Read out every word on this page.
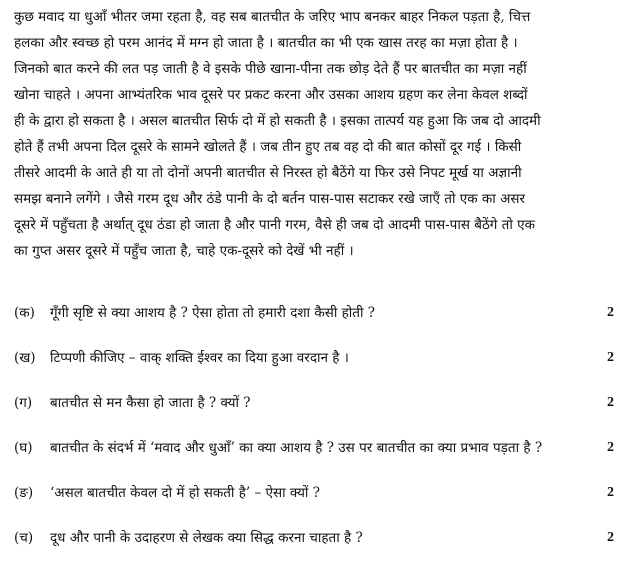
कुछ मवाद या धुआँ भीतर जमा रहता है, वह सब बातचीत के जरिए भाप बनकर बाहर निकल पड़ता है, चित्त
हलका और स्वच्छ हो परम आनंद में मग्न हो जाता है । बातचीत का भी एक खास तरह का मज़ा होता है ।
जिनको बात करने की लत पड़ जाती है वे इसके पीछे खाना-पीना तक छोड़ देते हैं पर बातचीत का मज़ा नहीं
खोना चाहते । अपना आभ्यंतरिक भाव दूसरे पर प्रकट करना और उसका आशय ग्रहण कर लेना केवल शब्दों
ही के द्वारा हो सकता है । असल बातचीत सिर्फ दो में हो सकती है । इसका तात्पर्य यह हुआ कि जब दो आदमी
होते हैं तभी अपना दिल दूसरे के सामने खोलते हैं । जब तीन हुए तब वह दो की बात कोसों दूर गई । किसी
तीसरे आदमी के आते ही या तो दोनों अपनी बातचीत से निरस्त हो बैठेंगे या फिर उसे निपट मूर्ख या अज्ञानी
समझ बनाने लगेंगे । जैसे गरम दूध और ठंडे पानी के दो बर्तन पास-पास सटाकर रखे जाएँ तो एक का असर
दूसरे में पहुँचता है अर्थात् दूध ठंडा हो जाता है और पानी गरम, वैसे ही जब दो आदमी पास-पास बैठेंगे तो एक
का गुप्त असर दूसरे में पहुँच जाता है, चाहे एक-दूसरे को देखें भी नहीं ।
(क)	गूँगी सृष्टि से क्या आशय है ? ऐसा होता तो हमारी दशा कैसी होती ?	2
(ख)	टिप्पणी कीजिए – वाक् शक्ति ईश्वर का दिया हुआ वरदान है ।	2
(ग)	बातचीत से मन कैसा हो जाता है ? क्यों ?	2
(घ)	बातचीत के संदर्भ में ‘मवाद और धुआँ’ का क्या आशय है ? उस पर बातचीत का क्या प्रभाव पड़ता है ?	2
(ङ)	‘असल बातचीत केवल दो में हो सकती है’ – ऐसा क्यों ?	2
(च)	दूध और पानी के उदाहरण से लेखक क्या सिद्ध करना चाहता है ?	2
